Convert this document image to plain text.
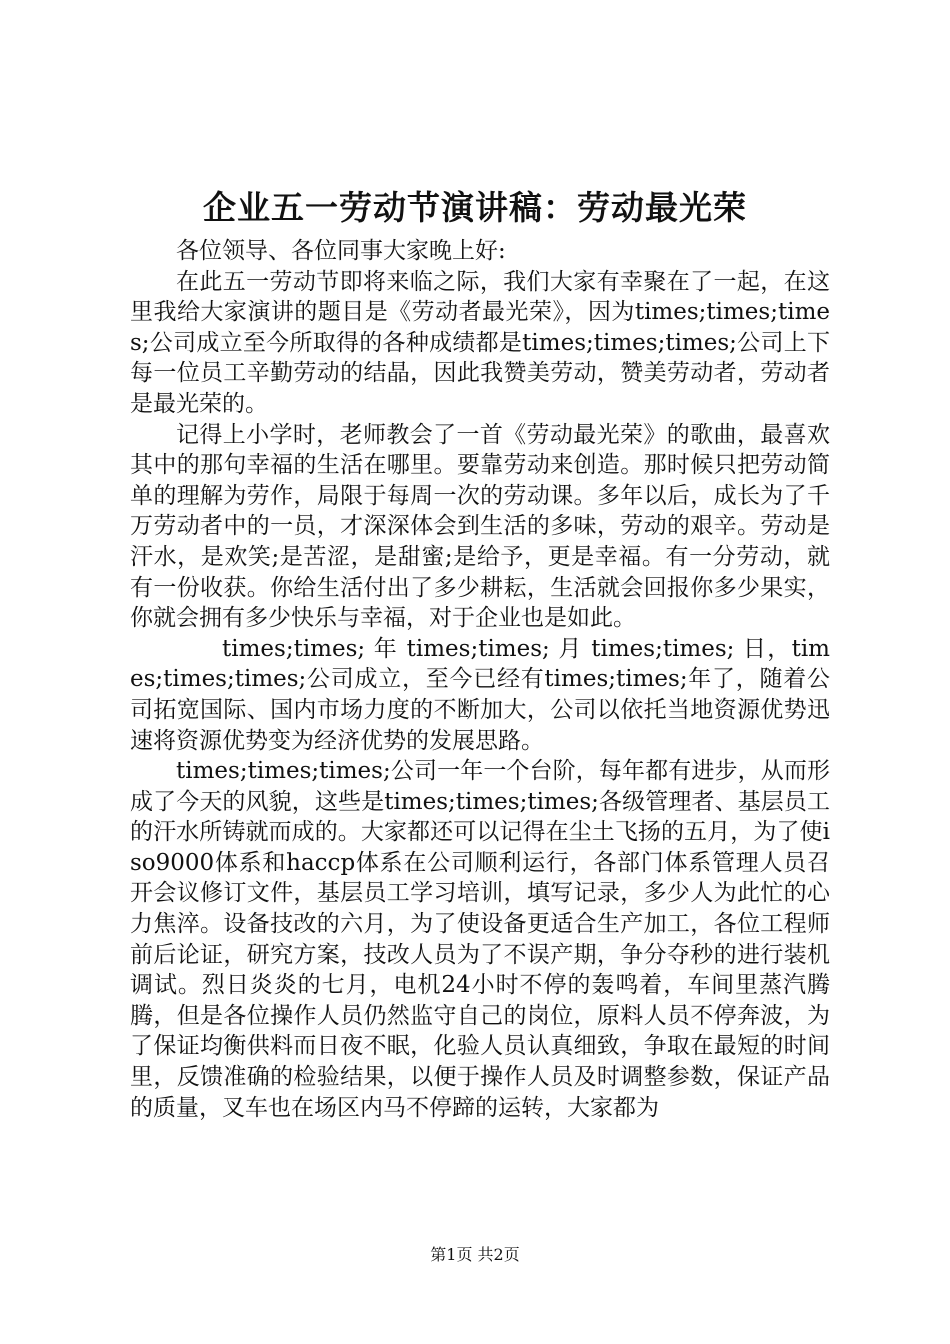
企业五一劳动节演讲稿：劳动最光荣

各位领导、各位同事大家晚上好:

在此五一劳动节即将来临之际，我们大家有幸聚在了一起，在这里我给大家演讲的题目是《劳动者最光荣》，因为times;times;times;公司成立至今所取得的各种成绩都是times;times;times;公司上下每一位员工辛勤劳动的结晶，因此我赞美劳动，赞美劳动者，劳动者是最光荣的。

记得上小学时，老师教会了一首《劳动最光荣》的歌曲，最喜欢其中的那句幸福的生活在哪里。要靠劳动来创造。那时候只把劳动简单的理解为劳作，局限于每周一次的劳动课。多年以后，成长为了千万劳动者中的一员，才深深体会到生活的多味，劳动的艰辛。劳动是汗水，是欢笑;是苦涩，是甜蜜;是给予，更是幸福。有一分劳动，就有一份收获。你给生活付出了多少耕耘，生活就会回报你多少果实，你就会拥有多少快乐与幸福，对于企业也是如此。

times;times; 年 times;times; 月 times;times; 日，times;times;times;公司成立，至今已经有times;times;年了，随着公司拓宽国际、国内市场力度的不断加大，公司以依托当地资源优势迅速将资源优势变为经济优势的发展思路。

times;times;times;公司一年一个台阶，每年都有进步，从而形成了今天的风貌，这些是times;times;times;各级管理者、基层员工的汗水所铸就而成的。大家都还可以记得在尘土飞扬的五月，为了使iso9000体系和haccp体系在公司顺利运行，各部门体系管理人员召开会议修订文件，基层员工学习培训，填写记录，多少人为此忙的心力焦淬。设备技改的六月，为了使设备更适合生产加工，各位工程师前后论证，研究方案，技改人员为了不误产期，争分夺秒的进行装机调试。烈日炎炎的七月，电机24小时不停的轰鸣着，车间里蒸汽腾腾，但是各位操作人员仍然监守自己的岗位，原料人员不停奔波，为了保证均衡供料而日夜不眠，化验人员认真细致，争取在最短的时间里，反馈准确的检验结果，以便于操作人员及时调整参数，保证产品的质量，叉车也在场区内马不停蹄的运转，大家都为

第1页 共2页
